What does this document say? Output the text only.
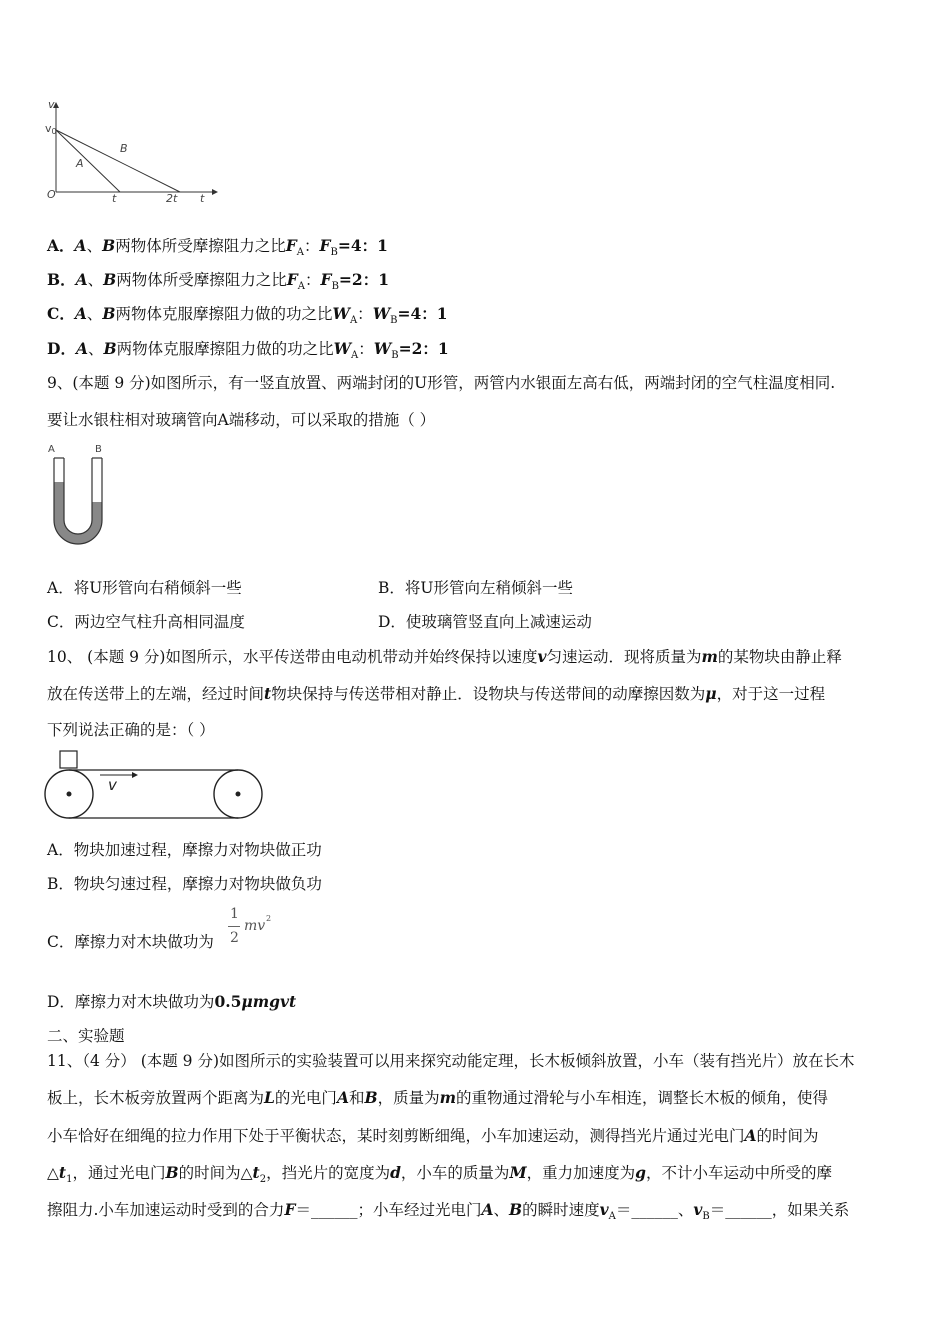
v
v0
O
A
B
t	2t t
A．A、B两物体所受摩擦阻力之比$F_A$：$F_B=4$：1
B．A、B两物体所受摩擦阻力之比$F_A$：$F_B=2$：1
C．A、B两物体克服摩擦阻力做的功之比$W_A$：$W_B=4$：1
D．A、B两物体克服摩擦阻力做的功之比$W_A$：$W_B=2$：1
9、(本题 9 分)如图所示，有一竖直放置、两端封闭的U形管，两管内水银面左高右低，两端封闭的空气柱温度相同.
要让水银柱相对玻璃管向A端移动，可以采取的措施（ ）
A	B
A．将U形管向右稍倾斜一些	B．将U形管向左稍倾斜一些
C．两边空气柱升高相同温度	D．使玻璃管竖直向上减速运动
10、 (本题 9 分)如图所示，水平传送带由电动机带动并始终保持以速度v匀速运动．现将质量为m的某物块由静止释
放在传送带上的左端，经过时间t物块保持与传送带相对静止．设物块与传送带间的动摩擦因数为μ，对于这一过程
下列说法正确的是：（ ）
v
A．物块加速过程，摩擦力对物块做正功
B．物块匀速过程，摩擦力对物块做负功
C．摩擦力对木块做功为
1
2
mv 2
D．摩擦力对木块做功为0.5μmgvt
二、实验题
11、（4 分） (本题 9 分)如图所示的实验装置可以用来探究动能定理，长木板倾斜放置，小车（装有挡光片）放在长木
板上，长木板旁放置两个距离为L的光电门A和B，质量为m的重物通过滑轮与小车相连，调整长木板的倾角，使得
小车恰好在细绳的拉力作用下处于平衡状态，某时刻剪断细绳，小车加速运动，测得挡光片通过光电门A的时间为
$\triangle t_1$，通过光电门B的时间为$\triangle t_2$，挡光片的宽度为d，小车的质量为M，重力加速度为g，不计小车运动中所受的摩
擦阻力.小车加速运动时受到的合力F＝______；小车经过光电门A、B的瞬时速度$v_A=\_\_\_\_\_\_$、$v_B=\_\_\_\_\_\_$，如果关系
